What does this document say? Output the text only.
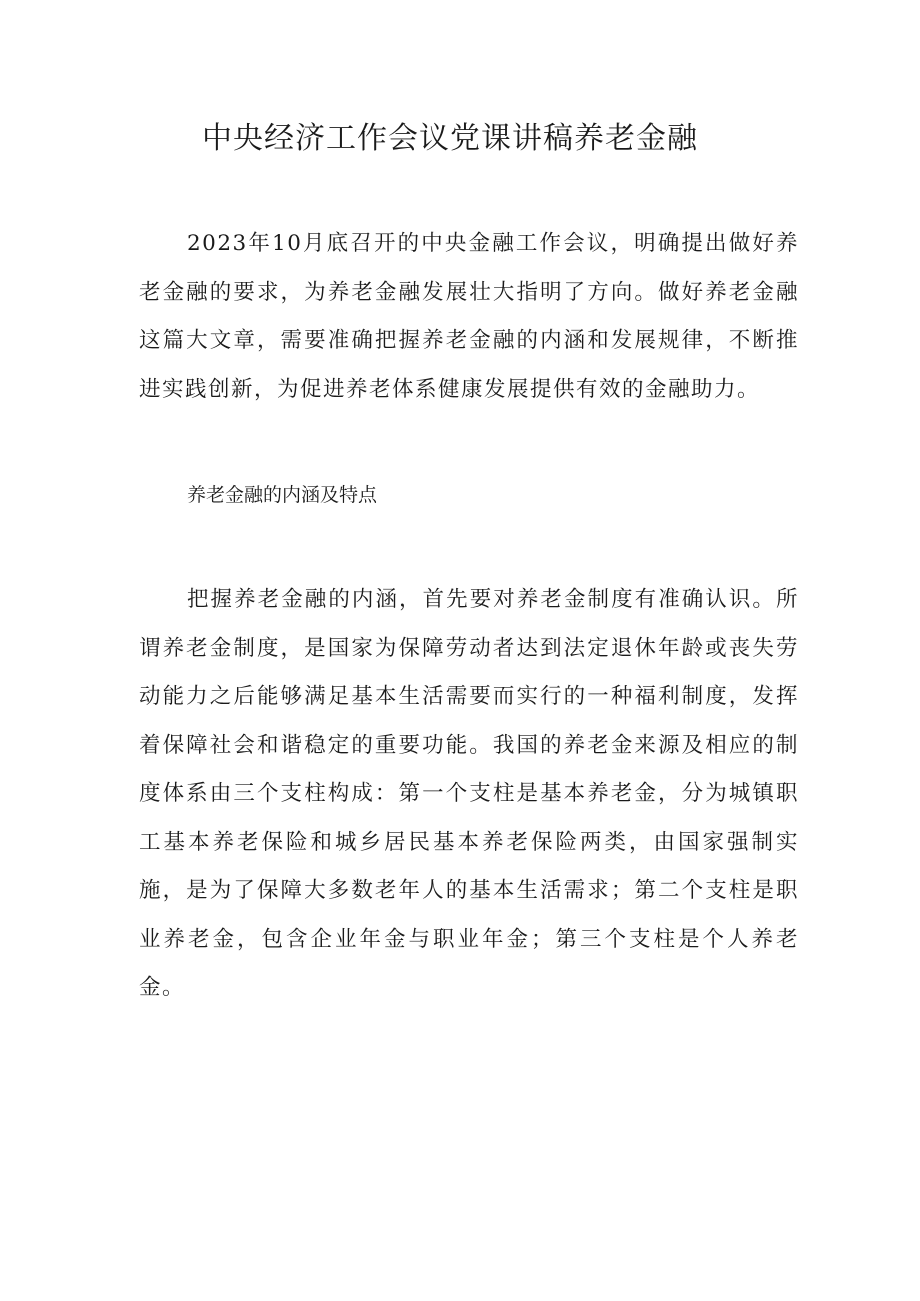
中央经济工作会议党课讲稿养老金融

2023年10月底召开的中央金融工作会议，明确提出做好养老金融的要求，为养老金融发展壮大指明了方向。做好养老金融这篇大文章，需要准确把握养老金融的内涵和发展规律，不断推进实践创新，为促进养老体系健康发展提供有效的金融助力。

养老金融的内涵及特点

把握养老金融的内涵，首先要对养老金制度有准确认识。所谓养老金制度，是国家为保障劳动者达到法定退休年龄或丧失劳动能力之后能够满足基本生活需要而实行的一种福利制度，发挥着保障社会和谐稳定的重要功能。我国的养老金来源及相应的制度体系由三个支柱构成：第一个支柱是基本养老金，分为城镇职工基本养老保险和城乡居民基本养老保险两类，由国家强制实施，是为了保障大多数老年人的基本生活需求；第二个支柱是职业养老金，包含企业年金与职业年金；第三个支柱是个人养老金。
